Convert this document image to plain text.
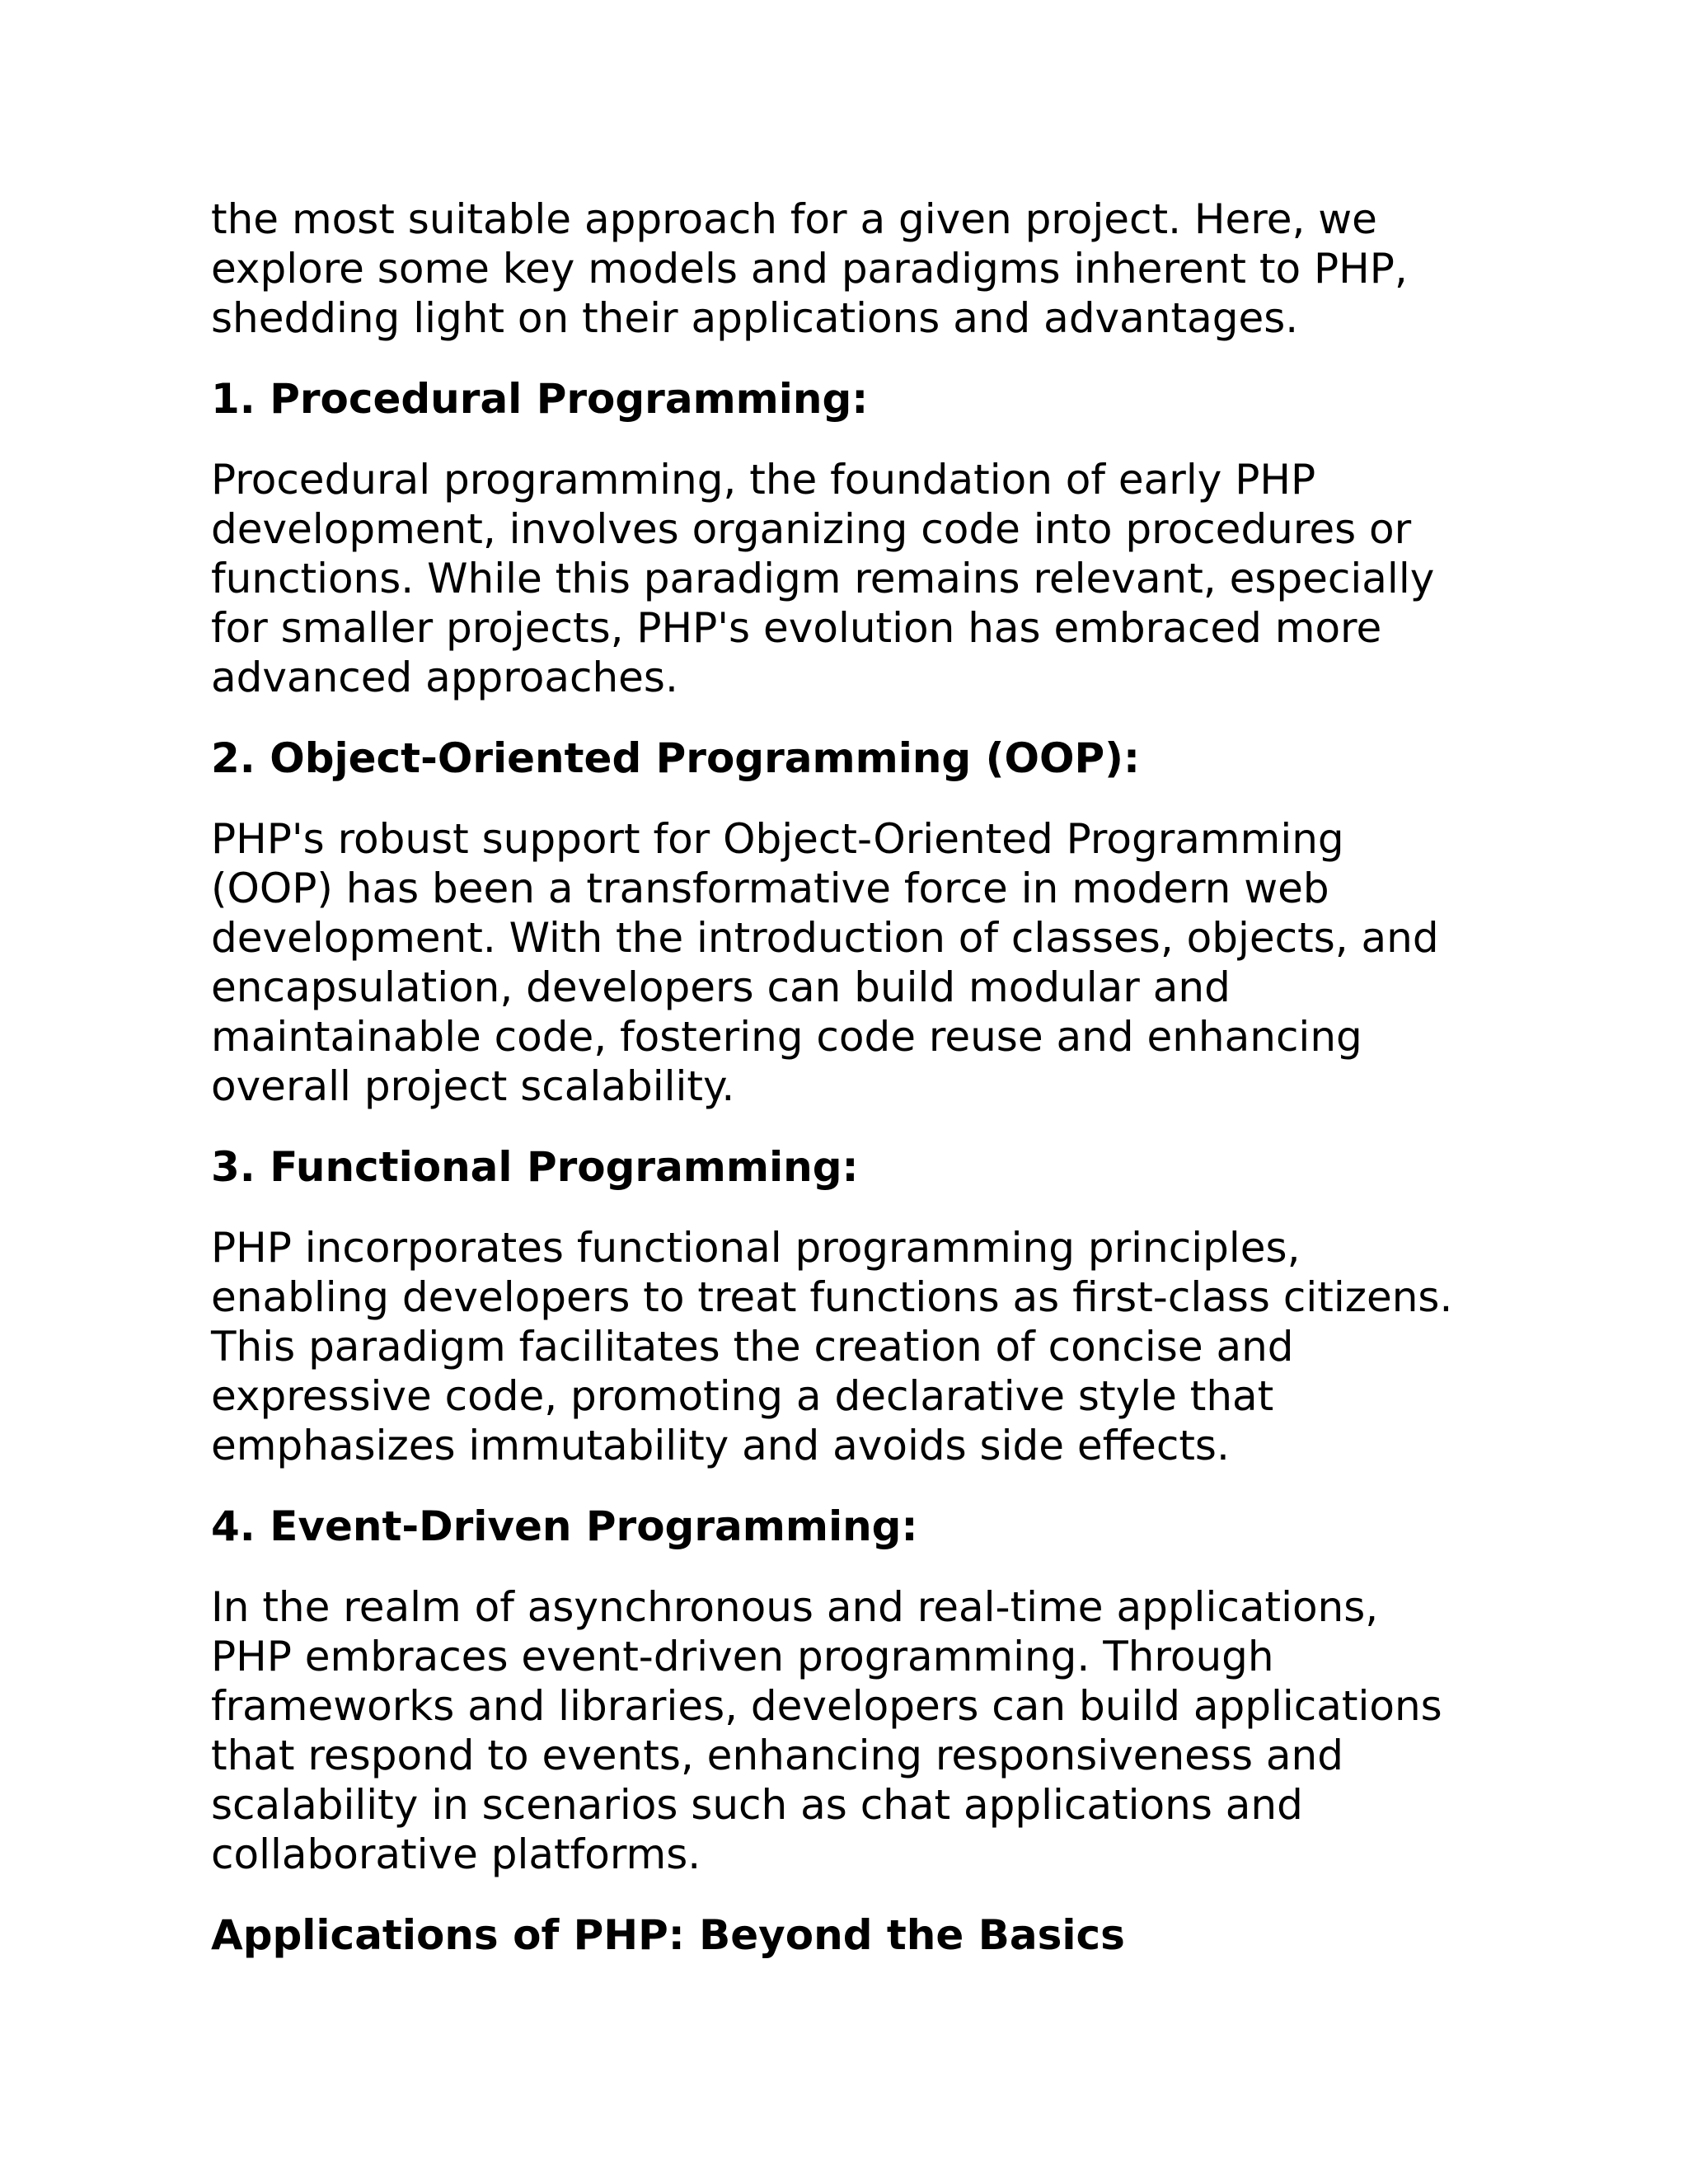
the most suitable approach for a given project. Here, we
explore some key models and paradigms inherent to PHP,
shedding light on their applications and advantages.

1. Procedural Programming:

Procedural programming, the foundation of early PHP
development, involves organizing code into procedures or
functions. While this paradigm remains relevant, especially
for smaller projects, PHP's evolution has embraced more
advanced approaches.

2. Object-Oriented Programming (OOP):

PHP's robust support for Object-Oriented Programming
(OOP) has been a transformative force in modern web
development. With the introduction of classes, objects, and
encapsulation, developers can build modular and
maintainable code, fostering code reuse and enhancing
overall project scalability.

3. Functional Programming:

PHP incorporates functional programming principles,
enabling developers to treat functions as first-class citizens.
This paradigm facilitates the creation of concise and
expressive code, promoting a declarative style that
emphasizes immutability and avoids side effects.

4. Event-Driven Programming:

In the realm of asynchronous and real-time applications,
PHP embraces event-driven programming. Through
frameworks and libraries, developers can build applications
that respond to events, enhancing responsiveness and
scalability in scenarios such as chat applications and
collaborative platforms.

Applications of PHP: Beyond the Basics
